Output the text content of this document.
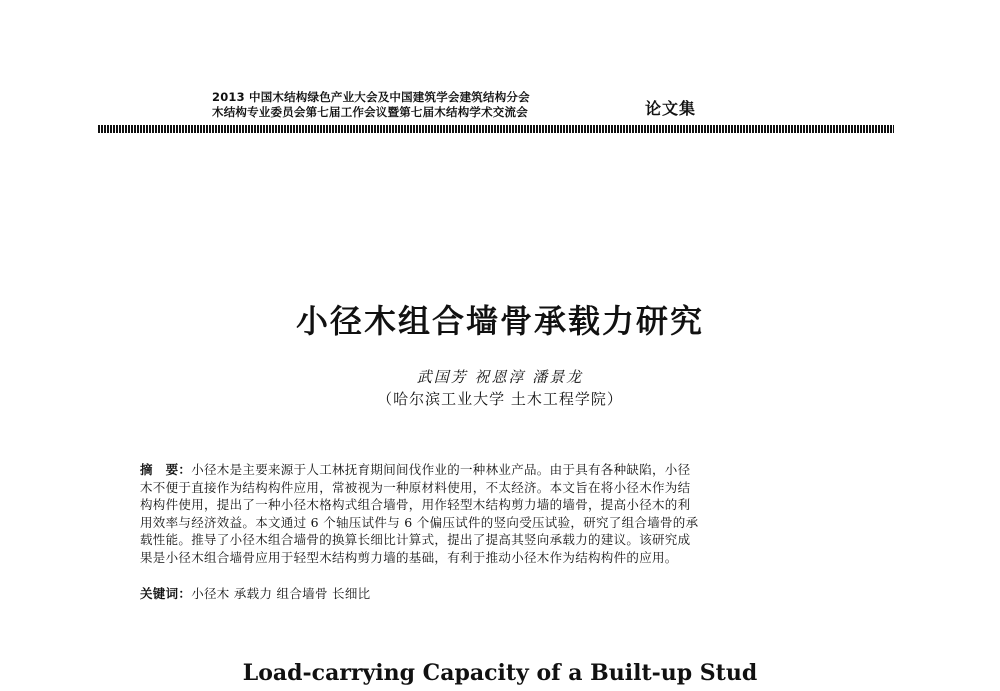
2013 中国木结构绿色产业大会及中国建筑学会建筑结构分会
木结构专业委员会第七届工作会议暨第七届木结构学术交流会	论文集
小径木组合墙骨承载力研究
武国芳 祝恩淳 潘景龙
（哈尔滨工业大学 土木工程学院）
摘　要：小径木是主要来源于人工林抚育期间间伐作业的一种林业产品。由于具有各种缺陷，小径
木不便于直接作为结构构件应用，常被视为一种原材料使用，不太经济。本文旨在将小径木作为结
构构件使用，提出了一种小径木格构式组合墙骨，用作轻型木结构剪力墙的墙骨，提高小径木的利
用效率与经济效益。本文通过 6 个轴压试件与 6 个偏压试件的竖向受压试验，研究了组合墙骨的承
载性能。推导了小径木组合墙骨的换算长细比计算式，提出了提高其竖向承载力的建议。该研究成
果是小径木组合墙骨应用于轻型木结构剪力墙的基础，有利于推动小径木作为结构构件的应用。
关键词：小径木 承载力 组合墙骨 长细比
Load-carrying Capacity of a Built-up Stud
